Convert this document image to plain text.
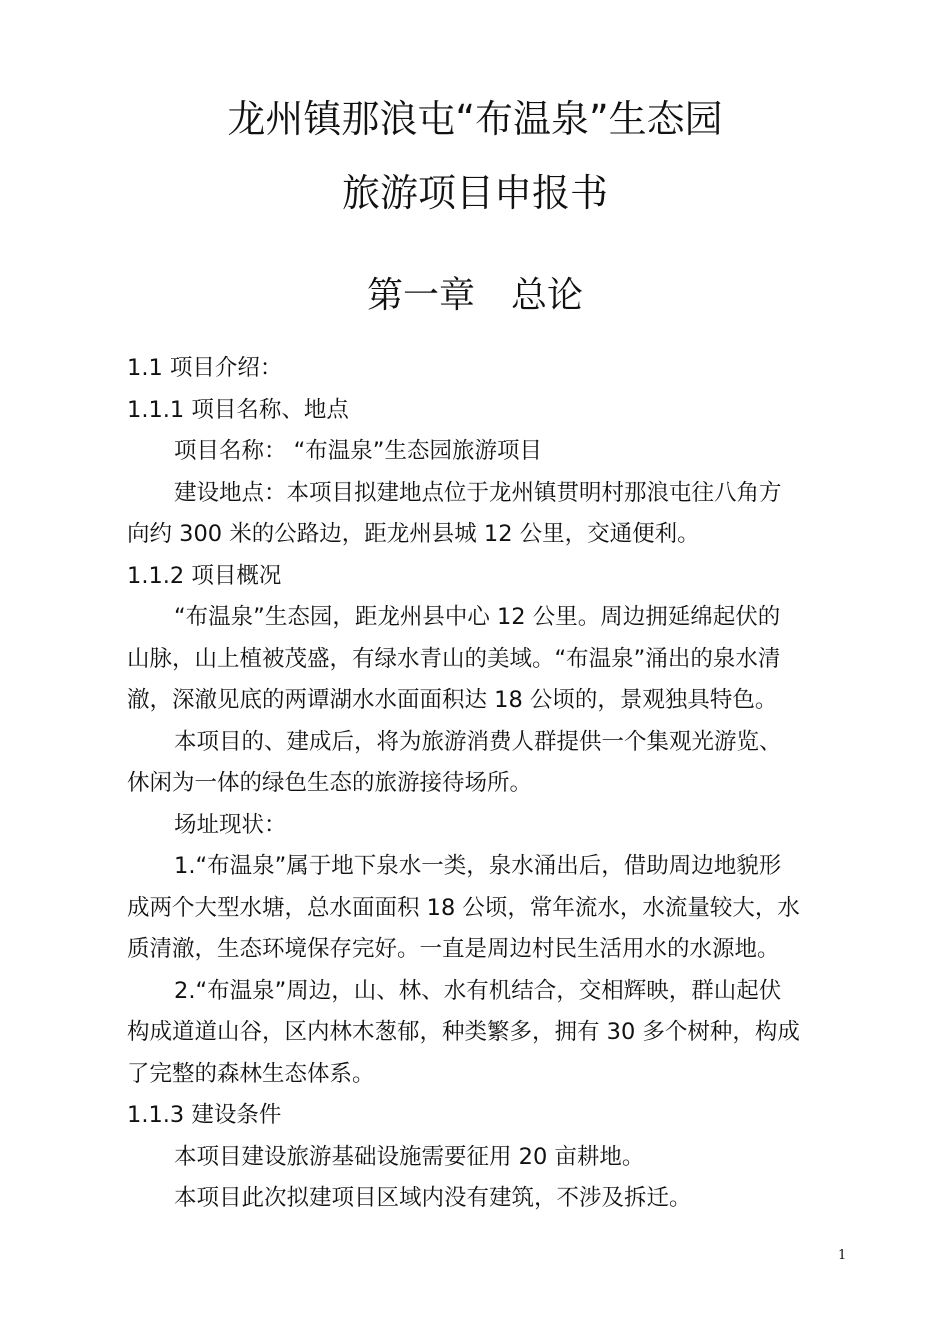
龙州镇那浪屯“布温泉”生态园
旅游项目申报书
第一章 总论

1.1 项目介绍：

1.1.1 项目名称、地点

项目名称： “布温泉”生态园旅游项目

建设地点：本项目拟建地点位于龙州镇贯明村那浪屯往八角方

向约 300 米的公路边，距龙州县城 12 公里，交通便利。

1.1.2 项目概况

“布温泉”生态园，距龙州县中心 12 公里。周边拥延绵起伏的

山脉，山上植被茂盛，有绿水青山的美域。“布温泉”涌出的泉水清

澈，深澈见底的两谭湖水水面面积达 18 公顷的，景观独具特色。

本项目的、建成后，将为旅游消费人群提供一个集观光游览、

休闲为一体的绿色生态的旅游接待场所。

场址现状：

1.“布温泉”属于地下泉水一类，泉水涌出后，借助周边地貌形

成两个大型水塘，总水面面积 18 公顷，常年流水，水流量较大，水

质清澈，生态环境保存完好。一直是周边村民生活用水的水源地。

2.“布温泉”周边，山、林、水有机结合，交相辉映，群山起伏

构成道道山谷，区内林木葱郁，种类繁多，拥有 30 多个树种，构成

了完整的森林生态体系。

1.1.3 建设条件

本项目建设旅游基础设施需要征用 20 亩耕地。

本项目此次拟建项目区域内没有建筑，不涉及拆迁。

1
